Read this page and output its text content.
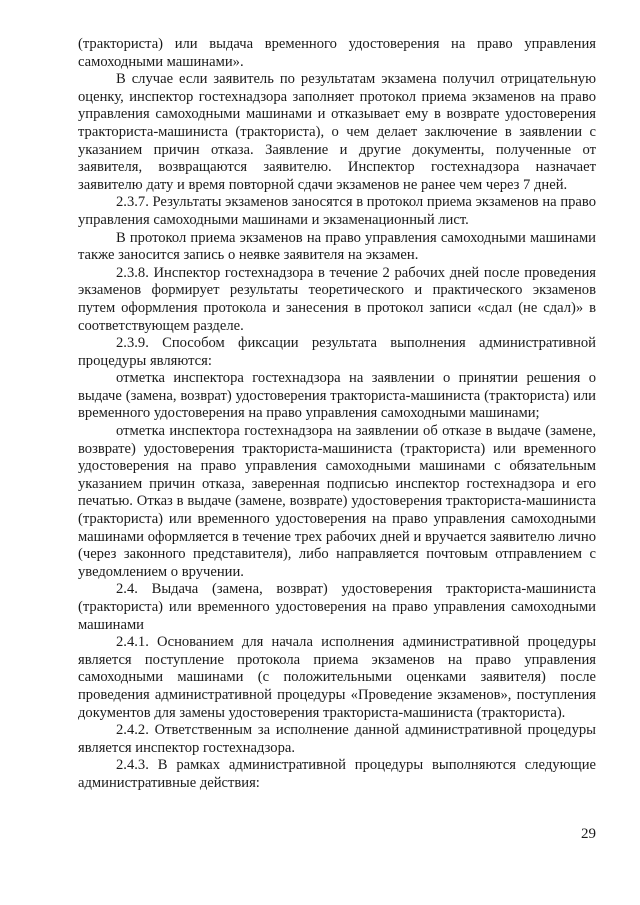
(тракториста) или выдача временного удостоверения на право управления самоходными машинами».

В случае если заявитель по результатам экзамена получил отрицательную оценку, инспектор гостехнадзора заполняет протокол приема экзаменов на право управления самоходными машинами и отказывает ему в возврате удостоверения тракториста-машиниста (тракториста), о чем делает заключение в заявлении с указанием причин отказа. Заявление и другие документы, полученные от заявителя, возвращаются заявителю. Инспектор гостехнадзора назначает заявителю дату и время повторной сдачи экзаменов не ранее чем через 7 дней.

2.3.7. Результаты экзаменов заносятся в протокол приема экзаменов на право управления самоходными машинами и экзаменационный лист.

В протокол приема экзаменов на право управления самоходными машинами также заносится запись о неявке заявителя на экзамен.

2.3.8. Инспектор гостехнадзора в течение 2 рабочих дней после проведения экзаменов формирует результаты теоретического и практического экзаменов путем оформления протокола и занесения в протокол записи «сдал (не сдал)» в соответствующем разделе.

2.3.9. Способом фиксации результата выполнения административной процедуры являются:

отметка инспектора гостехнадзора на заявлении о принятии решения о выдаче (замена, возврат) удостоверения тракториста-машиниста (тракториста) или временного удостоверения на право управления самоходными машинами;

отметка инспектора гостехнадзора на заявлении об отказе в выдаче (замене, возврате) удостоверения тракториста-машиниста (тракториста) или временного удостоверения на право управления самоходными машинами с обязательным указанием причин отказа, заверенная подписью инспектор гостехнадзора и его печатью. Отказ в выдаче (замене, возврате) удостоверения тракториста-машиниста (тракториста) или временного удостоверения на право управления самоходными машинами оформляется в течение трех рабочих дней и вручается заявителю лично (через законного представителя), либо направляется почтовым отправлением с уведомлением о вручении.

2.4. Выдача (замена, возврат) удостоверения тракториста-машиниста (тракториста) или временного удостоверения на право управления самоходными машинами

2.4.1. Основанием для начала исполнения административной процедуры является поступление протокола приема экзаменов на право управления самоходными машинами (с положительными оценками заявителя) после проведения административной процедуры «Проведение экзаменов», поступления документов для замены удостоверения тракториста-машиниста (тракториста).

2.4.2. Ответственным за исполнение данной административной процедуры является инспектор гостехнадзора.

2.4.3. В рамках административной процедуры выполняются следующие административные действия:

29
